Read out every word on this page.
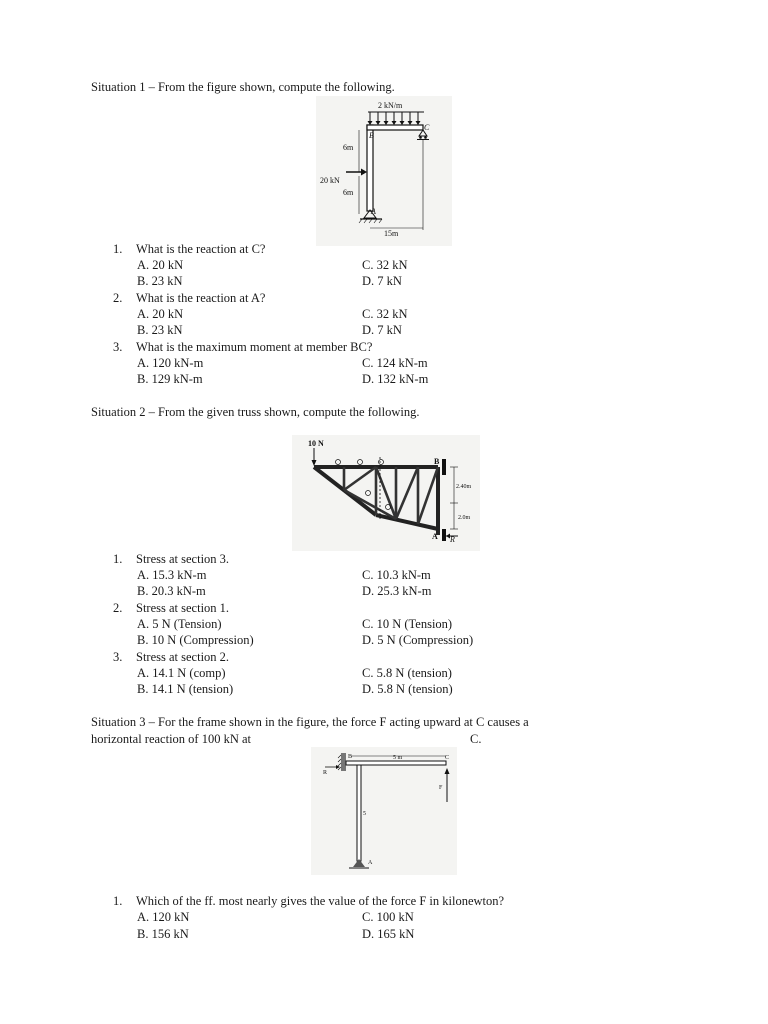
Situation 1 – From the figure shown, compute the following.
2 kN/m
C
B
6m
20 kN
6m
A
15m
1. What is the reaction at C?
A. 20 kN	C. 32 kN
B. 23 kN	D. 7 kN
2. What is the reaction at A?
A. 20 kN	C. 32 kN
B. 23 kN	D. 7 kN
3. What is the maximum moment at member BC?
A. 120 kN-m	C. 124 kN-m
B. 129 kN-m	D. 132 kN-m
Situation 2 – From the given truss shown, compute the following.
10 N
B
A R
2.40m
2.0m
1. Stress at section 3.
A. 15.3 kN-m	C. 10.3 kN-m
B. 20.3 kN-m	D. 25.3 kN-m
2. Stress at section 1.
A. 5 N (Tension)	C. 10 N (Tension)
B. 10 N (Compression)	D. 5 N (Compression)
3. Stress at section 2.
A. 14.1 N (comp)	C. 5.8 N (tension)
B. 14.1 N (tension)	D. 5.8 N (tension)
Situation 3 – For the frame shown in the figure, the force F acting upward at C causes a
horizontal reaction of 100 kN at	C.
B
R
5 m	C
F
5
A
1. Which of the ff. most nearly gives the value of the force F in kilonewton?
A. 120 kN	C. 100 kN
B. 156 kN	D. 165 kN
